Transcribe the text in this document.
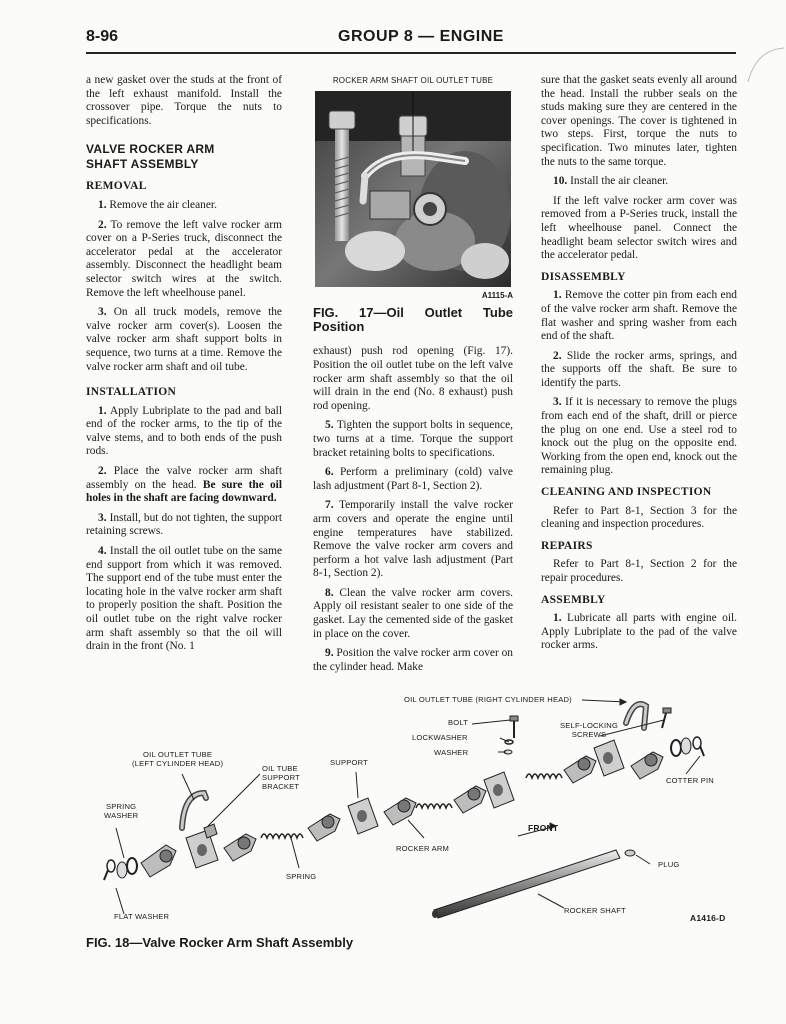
8-96	GROUP 8 — ENGINE

a new gasket over the studs at the front of the left exhaust manifold. Install the crossover pipe. Torque the nuts to specifications.

VALVE ROCKER ARM
SHAFT ASSEMBLY
REMOVAL

1. Remove the air cleaner.

2. To remove the left valve rocker arm cover on a P-Series truck, disconnect the accelerator pedal at the accelerator assembly. Disconnect the headlight beam selector switch wires at the switch. Remove the left wheelhouse panel.

3. On all truck models, remove the valve rocker arm cover(s). Loosen the valve rocker arm shaft support bolts in sequence, two turns at a time. Remove the valve rocker arm shaft and oil tube.

INSTALLATION

1. Apply Lubriplate to the pad and ball end of the rocker arms, to the tip of the valve stems, and to both ends of the push rods.

2. Place the valve rocker arm shaft assembly on the head. Be sure the oil holes in the shaft are facing downward.

3. Install, but do not tighten, the support retaining screws.

4. Install the oil outlet tube on the same end support from which it was removed. The support end of the tube must enter the locating hole in the valve rocker arm shaft to properly position the shaft. Position the oil outlet tube on the right valve rocker arm shaft assembly so that the oil will drain in the front (No. 1

ROCKER ARM SHAFT OIL OUTLET TUBE
A1115-A
FIG. 17—Oil Outlet Tube Position

exhaust) push rod opening (Fig. 17). Position the oil outlet tube on the left valve rocker arm shaft assembly so that the oil will drain in the end (No. 8 exhaust) push rod opening.

5. Tighten the support bolts in sequence, two turns at a time. Torque the support bracket retaining bolts to specifications.

6. Perform a preliminary (cold) valve lash adjustment (Part 8-1, Section 2).

7. Temporarily install the valve rocker arm covers and operate the engine until engine temperatures have stabilized. Remove the valve rocker arm covers and perform a hot valve lash adjustment (Part 8-1, Section 2).

8. Clean the valve rocker arm covers. Apply oil resistant sealer to one side of the gasket. Lay the cemented side of the gasket in place on the cover.

9. Position the valve rocker arm cover on the cylinder head. Make

sure that the gasket seats evenly all around the head. Install the rubber seals on the studs making sure they are centered in the cover openings. The cover is tightened in two steps. First, torque the nuts to specification. Two minutes later, tighten the nuts to the same torque.

10. Install the air cleaner.

If the left valve rocker arm cover was removed from a P-Series truck, install the left wheelhouse panel. Connect the headlight beam selector switch wires and the accelerator pedal.

DISASSEMBLY

1. Remove the cotter pin from each end of the valve rocker arm shaft. Remove the flat washer and spring washer from each end of the shaft.

2. Slide the rocker arms, springs, and the supports off the shaft. Be sure to identify the parts.

3. If it is necessary to remove the plugs from each end of the shaft, drill or pierce the plug on one end. Use a steel rod to knock out the plug on the opposite end. Working from the open end, knock out the remaining plug.

CLEANING AND INSPECTION

Refer to Part 8-1, Section 3 for the cleaning and inspection procedures.

REPAIRS

Refer to Part 8-1, Section 2 for the repair procedures.

ASSEMBLY

1. Lubricate all parts with engine oil. Apply Lubriplate to the pad of the valve rocker arms.

OIL OUTLET TUBE (RIGHT CYLINDER HEAD)
BOLT
LOCKWASHER
WASHER
SELF-LOCKING
SCREWS
OIL OUTLET TUBE
(LEFT CYLINDER HEAD)	SUPPORT
OIL TUBE
SUPPORT
BRACKET
COTTER PIN
SPRING
WASHER
FRONT
ROCKER ARM
SPRING
PLUG
FLAT WASHER
ROCKER SHAFT
A1416-D
FIG. 18—Valve Rocker Arm Shaft Assembly
